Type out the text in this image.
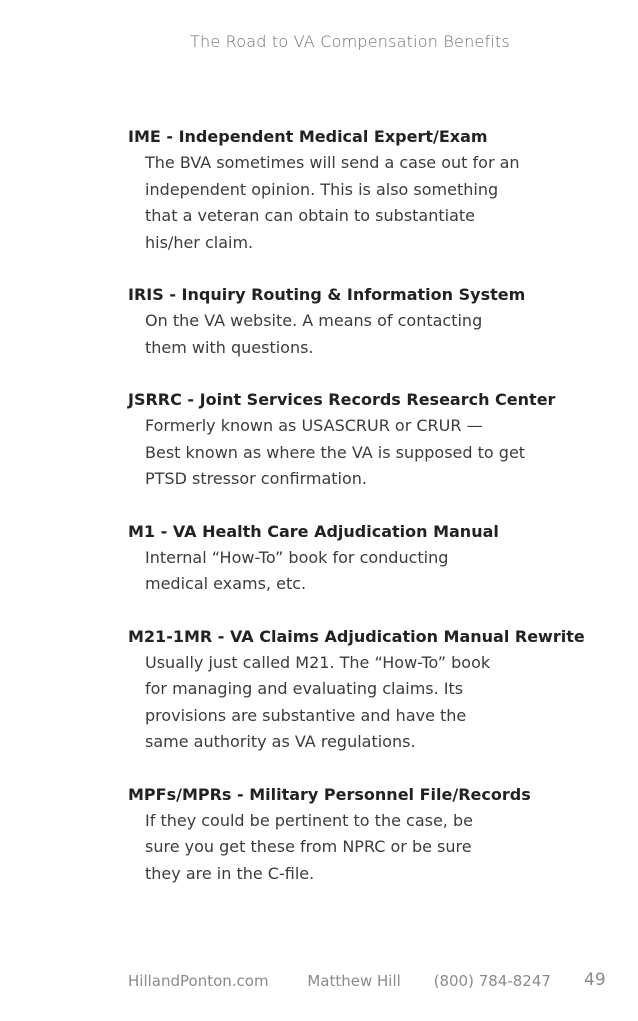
The Road to VA Compensation Benefits
IME - Independent Medical Expert/Exam
The BVA sometimes will send a case out for an
independent opinion. This is also something
that a veteran can obtain to substantiate
his/her claim.
IRIS - Inquiry Routing & Information System
On the VA website. A means of contacting
them with questions.
JSRRC - Joint Services Records Research Center
Formerly known as USASCRUR or CRUR —
Best known as where the VA is supposed to get
PTSD stressor confirmation.
M1 - VA Health Care Adjudication Manual
Internal “How-To” book for conducting
medical exams, etc.
M21-1MR - VA Claims Adjudication Manual Rewrite
Usually just called M21. The “How-To” book
for managing and evaluating claims. Its
provisions are substantive and have the
same authority as VA regulations.
MPFs/MPRs - Military Personnel File/Records
If they could be pertinent to the case, be
sure you get these from NPRC or be sure
they are in the C-file.
HillandPonton.com	Matthew Hill (800) 784-8247 49
